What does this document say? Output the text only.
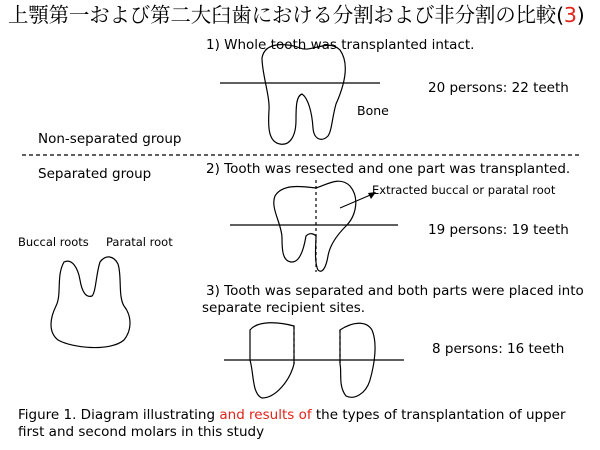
上顎第一および第二大臼歯における分割および非分割の比較(3)
1) Whole tooth was transplanted intact.
20 persons: 22 teeth
Bone
Non-separated group
Separated group	2) Tooth was resected and one part was transplanted.
Extracted buccal or paratal root
19 persons: 19 teeth
Buccal roots Paratal root
3) Tooth was separated and both parts were placed into
separate recipient sites.
8 persons: 16 teeth
Figure 1. Diagram illustrating and results of the types of transplantation of upper first and second molars in this study
